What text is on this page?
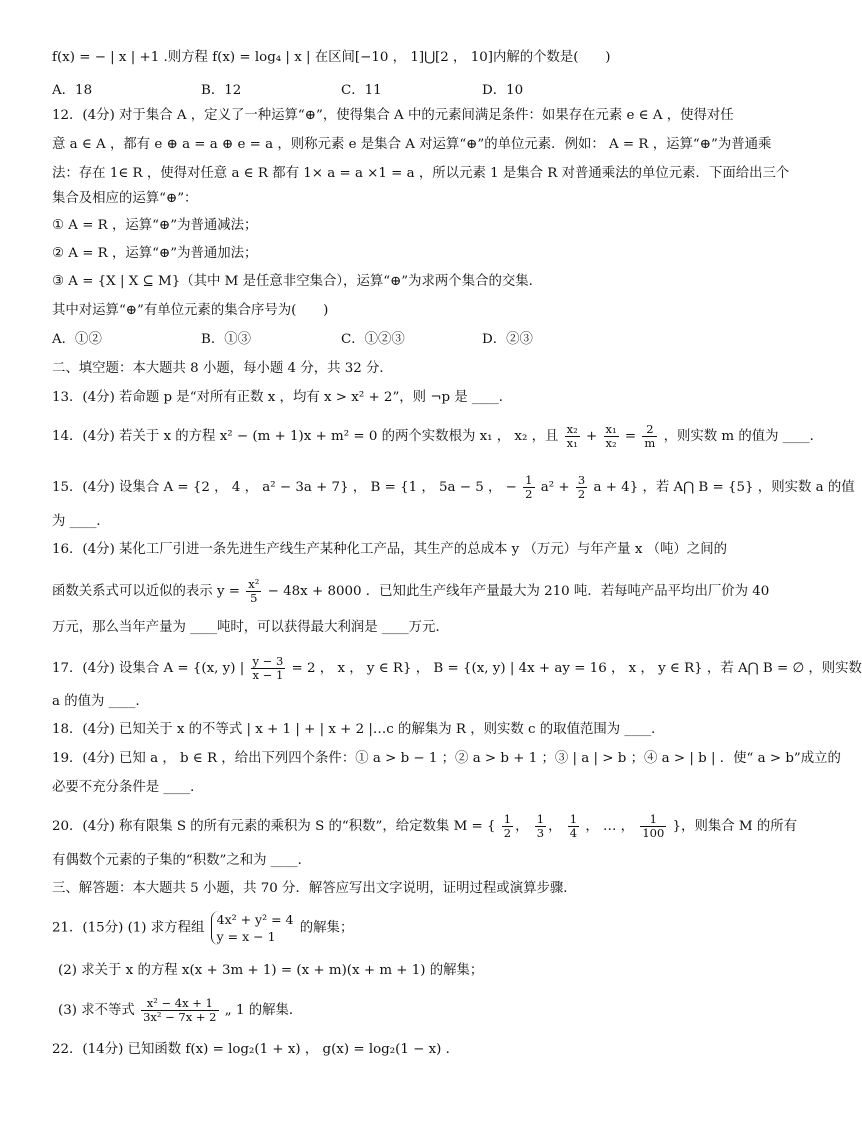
f(x) = − | x | +1 .则方程 f(x) = log₄ | x | 在区间[−10 ， 1]⋃[2 ， 10]内解的个数是(　　)
A．18	B．12	C．11	D．10
12．(4分) 对于集合 A ，定义了一种运算“⊕”，使得集合 A 中的元素间满足条件：如果存在元素 e ∈ A ，使得对任
意 a ∈ A ，都有 e ⊕ a = a ⊕ e = a ，则称元素 e 是集合 A 对运算“⊕”的单位元素．例如： A = R ，运算“⊕”为普通乘
法：存在 1∈ R ，使得对任意 a ∈ R 都有 1× a = a ×1 = a ，所以元素 1 是集合 R 对普通乘法的单位元素．下面给出三个
集合及相应的运算“⊕”：
① A = R ，运算“⊕”为普通减法；
② A = R ，运算“⊕”为普通加法；
③ A = {X | X ⊆ M}（其中 M 是任意非空集合），运算“⊕”为求两个集合的交集．
其中对运算“⊕”有单位元素的集合序号为(　　)
A．①②	B．①③	C．①②③	D．②③
二、填空题：本大题共 8 小题，每小题 4 分，共 32 分．
13．(4分) 若命题 p 是“对所有正数 x ，均有 x > x² + 2”，则 ¬p 是 ____．
14．(4分) 若关于 x 的方程 x² − (m + 1)x + m² = 0 的两个实数根为 x₁ ， x₂ ，且 $\frac{\text{x₂}}{\text{x₁}} + \frac{\text{x₁}}{\text{x₂}} = \frac{2}{m}$ ，则实数 m 的值为 ____．
15．(4分) 设集合 A = {2 ， 4 ， a² − 3a + 7} ， B = {1 ， 5a − 5 ， − $\frac{1}{2} a^2 + \frac{3}{2}$ a + 4} ，若 A⋂ B = {5} ，则实数 a 的值
为 ____．
16．(4分) 某化工厂引进一条先进生产线生产某种化工产品，其生产的总成本 y （万元）与年产量 x （吨）之间的
函数关系式可以近似的表示 $y = \frac{\text{x²}}{5} - 48x + 8000$ ．已知此生产线年产量最大为 210 吨．若每吨产品平均出厂价为 40
万元，那么当年产量为 ____吨时，可以获得最大利润是 ____万元．
17．(4分) 设集合 A = {(x, y) | $\frac{y - 3}{x - 1} = 2$ ， x ， y ∈ R} ， B = {(x, y) | 4x + ay = 16 ， x ， y ∈ R} ，若 A⋂ B = ∅ ，则实数
a 的值为 ____．
18．(4分) 已知关于 x 的不等式 | x + 1 | + | x + 2 |…c 的解集为 R ，则实数 c 的取值范围为 ____．
19．(4分) 已知 a ， b ∈ R ，给出下列四个条件：① a > b − 1 ；② a > b + 1 ；③ | a | > b ；④ a > | b | ．使“ a > b”成立的
必要不充分条件是 ____．
20．(4分) 称有限集 S 的所有元素的乘积为 S 的“积数”，给定数集 M = { $\frac{1}{2}$ ， $\frac{1}{3}$ ， $\frac{1}{4}$ ， … ， $\frac{1}{100}$ }，则集合 M 的所有
有偶数个元素的子集的“积数”之和为 ____．
三、解答题：本大题共 5 小题，共 70 分．解答应写出文字说明，证明过程或演算步骤．
21．(15分) (1) 求方程组
4x² + y² = 4
y = x − 1
的解集；
(2) 求关于 x 的方程 x(x + 3m + 1) = (x + m)(x + m + 1) 的解集；
(3) 求不等式 $\frac{\text{x² − 4x + 1}}{\text{3x² − 7x + 2}}$ „ 1 的解集．
22．(14分) 已知函数 f(x) = log₂(1 + x) ， g(x) = log₂(1 − x) ．
